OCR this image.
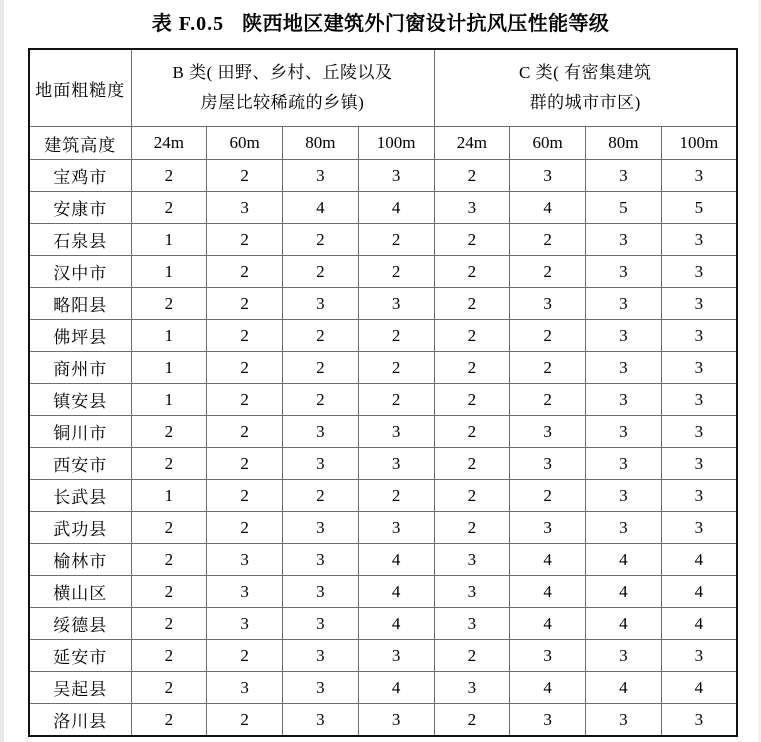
表 F.0.5 陕西地区建筑外门窗设计抗风压性能等级
地面粗糙度	B 类( 田野、乡村、丘陵以及
房屋比较稀疏的乡镇)				C 类( 有密集建筑
群的城市市区)			

建筑高度	24m	60m	80m	100m	24m	60m	80m	100m
宝鸡市	2	2	3	3	2	3	3	3
安康市	2	3	4	4	3	4	5	5
石泉县	1	2	2	2	2	2	3	3
汉中市	1	2	2	2	2	2	3	3
略阳县	2	2	3	3	2	3	3	3
佛坪县	1	2	2	2	2	2	3	3
商州市	1	2	2	2	2	2	3	3
镇安县	1	2	2	2	2	2	3	3
铜川市	2	2	3	3	2	3	3	3
西安市	2	2	3	3	2	3	3	3
长武县	1	2	2	2	2	2	3	3
武功县	2	2	3	3	2	3	3	3
榆林市	2	3	3	4	3	4	4	4
横山区	2	3	3	4	3	4	4	4
绥德县	2	3	3	4	3	4	4	4
延安市	2	2	3	3	2	3	3	3
吴起县	2	3	3	4	3	4	4	4
洛川县	2	2	3	3	2	3	3	3
